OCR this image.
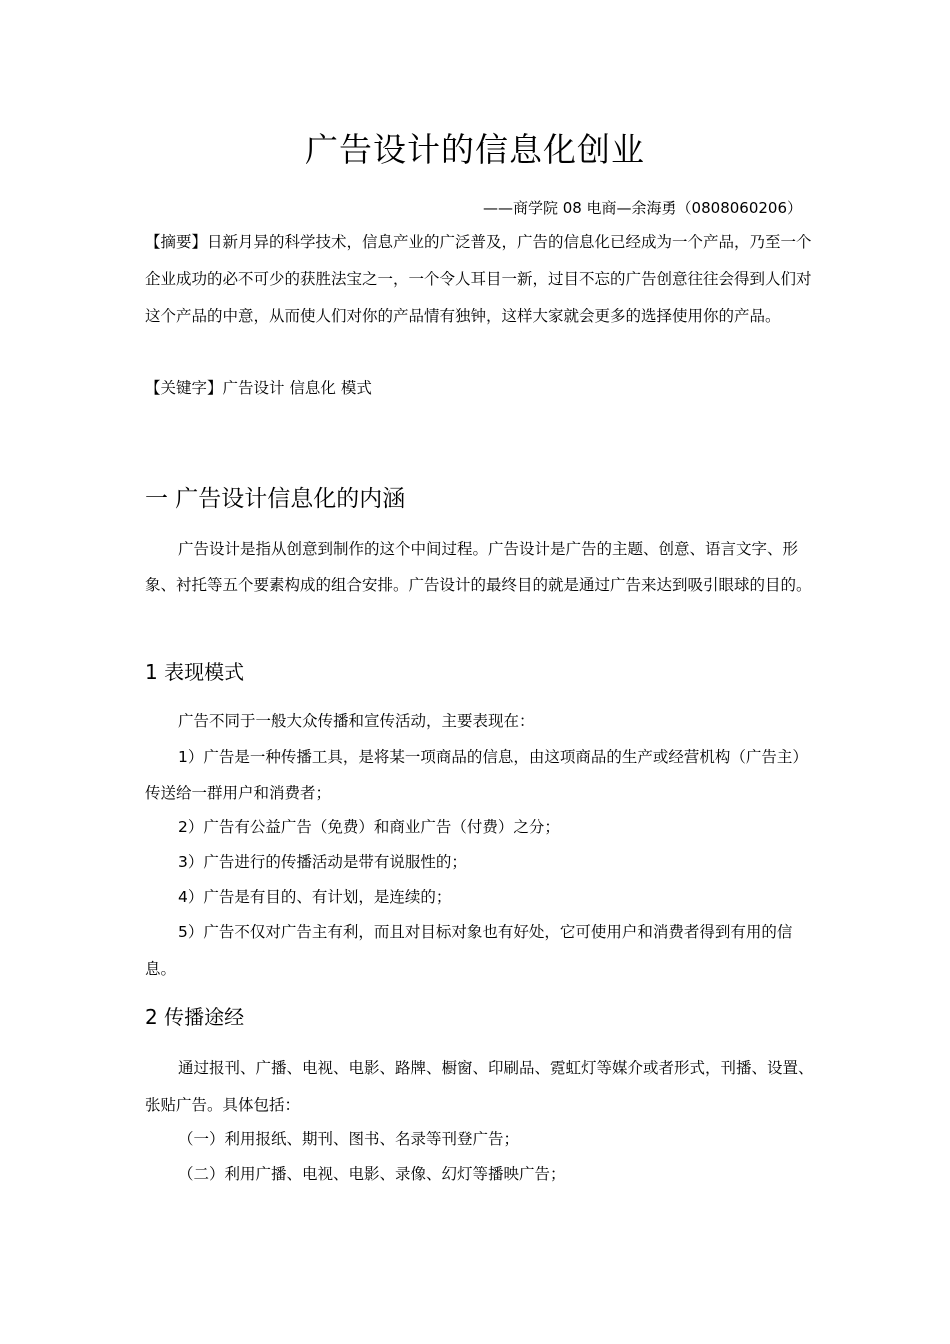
广告设计的信息化创业
——商学院 08 电商—余海勇（0808060206）
【摘要】日新月异的科学技术，信息产业的广泛普及，广告的信息化已经成为一个产品，乃至一个企业成功的必不可少的获胜法宝之一，一个令人耳目一新，过目不忘的广告创意往往会得到人们对这个产品的中意，从而使人们对你的产品情有独钟，这样大家就会更多的选择使用你的产品。
【关键字】广告设计 信息化 模式
一 广告设计信息化的内涵
广告设计是指从创意到制作的这个中间过程。广告设计是广告的主题、创意、语言文字、形象、衬托等五个要素构成的组合安排。广告设计的最终目的就是通过广告来达到吸引眼球的目的。
1 表现模式
广告不同于一般大众传播和宣传活动，主要表现在：
1）广告是一种传播工具，是将某一项商品的信息，由这项商品的生产或经营机构（广告主）传送给一群用户和消费者；
2）广告有公益广告（免费）和商业广告（付费）之分；
3）广告进行的传播活动是带有说服性的；
4）广告是有目的、有计划，是连续的；
5）广告不仅对广告主有利，而且对目标对象也有好处，它可使用户和消费者得到有用的信息。
2 传播途经
通过报刊、广播、电视、电影、路牌、橱窗、印刷品、霓虹灯等媒介或者形式，刊播、设置、张贴广告。具体包括：
（一）利用报纸、期刊、图书、名录等刊登广告；
（二）利用广播、电视、电影、录像、幻灯等播映广告；
